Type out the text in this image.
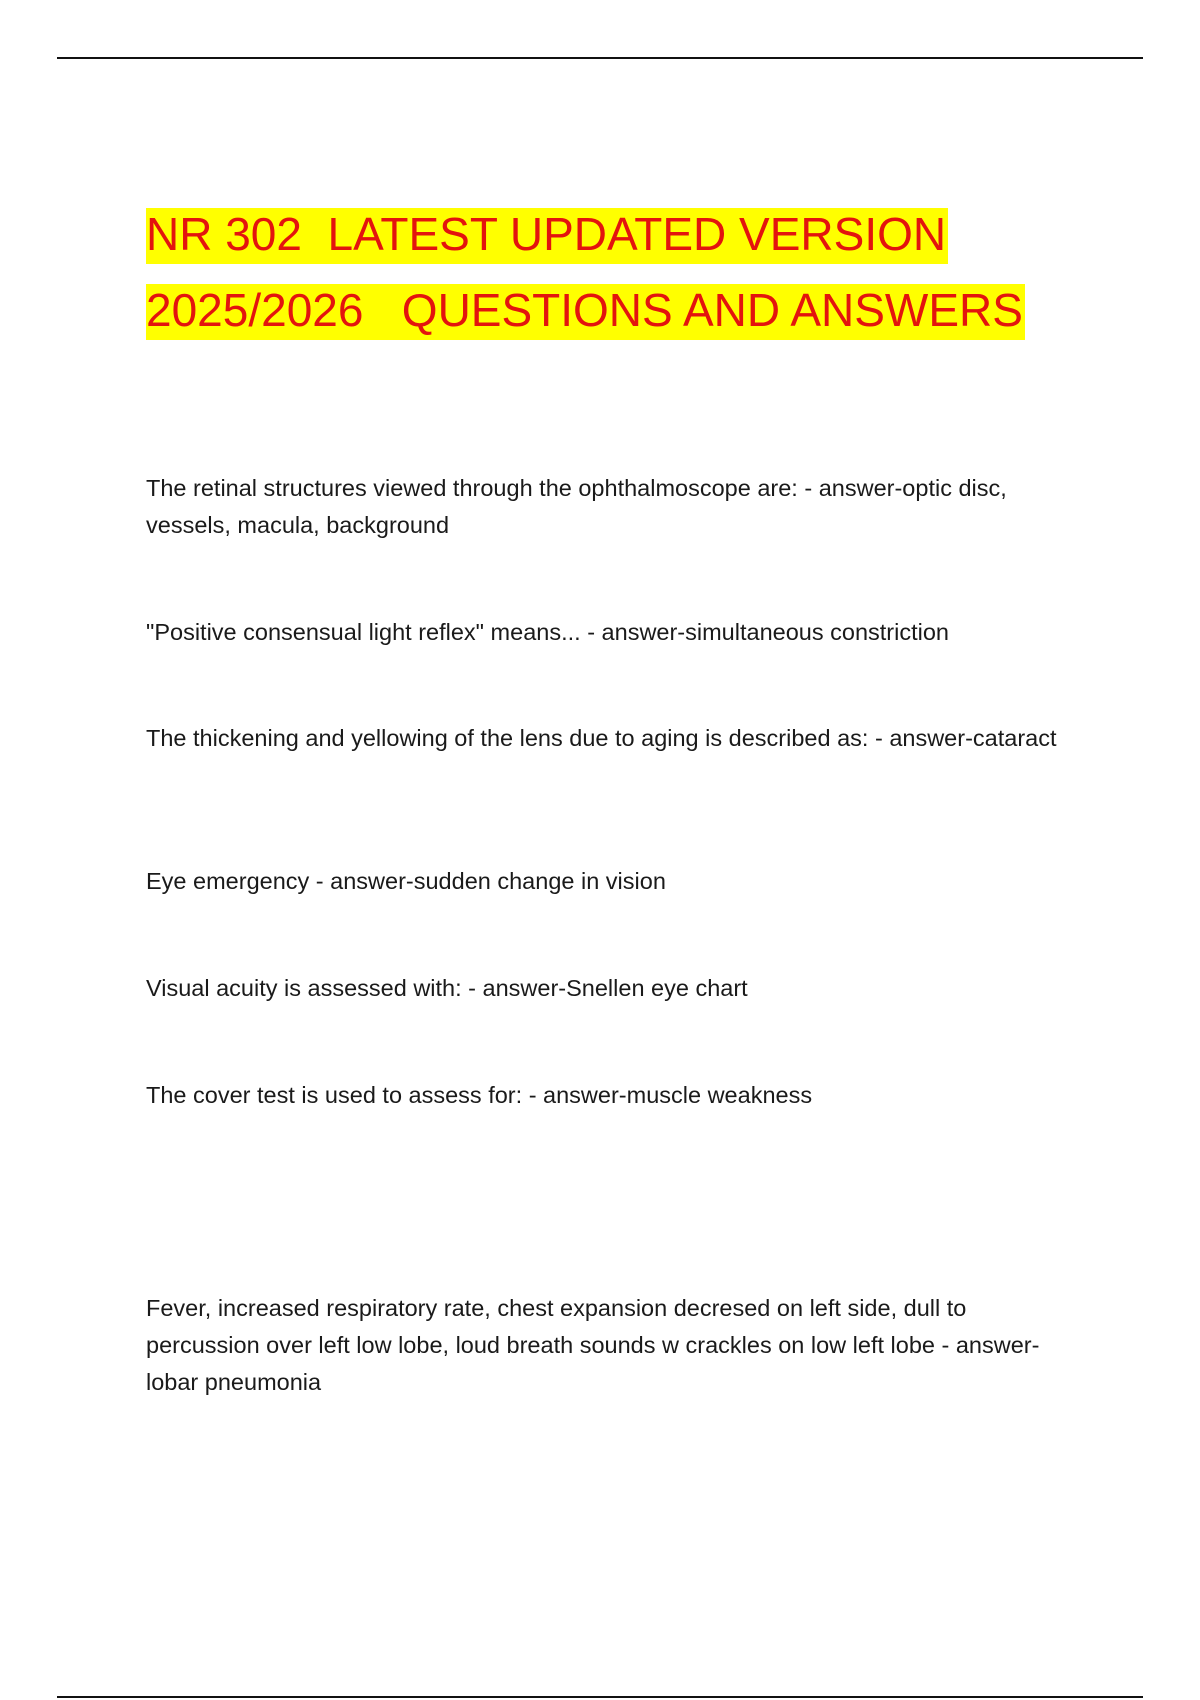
NR 302  LATEST UPDATED VERSION
2025/2026   QUESTIONS AND ANSWERS

The retinal structures viewed through the ophthalmoscope are: - answer-optic disc, vessels, macula, background

"Positive consensual light reflex" means... - answer-simultaneous constriction

The thickening and yellowing of the lens due to aging is described as: - answer-cataract

Eye emergency - answer-sudden change in vision

Visual acuity is assessed with: - answer-Snellen eye chart

The cover test is used to assess for: - answer-muscle weakness

Fever, increased respiratory rate, chest expansion decresed on left side, dull to percussion over left low lobe, loud breath sounds w crackles on low left lobe - answer-lobar pneumonia
